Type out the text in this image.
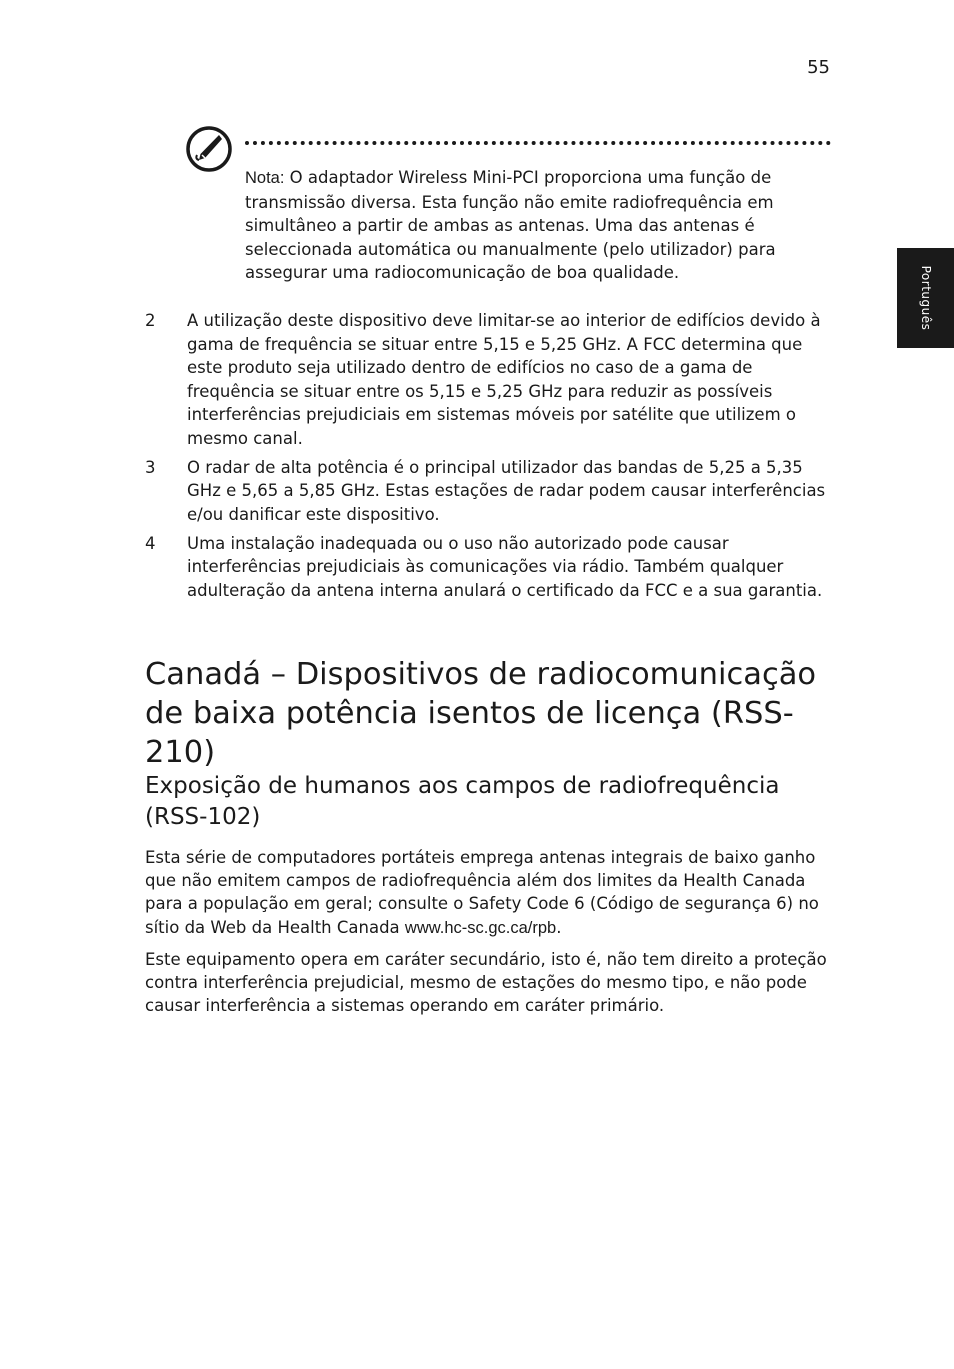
55
Português
Nota: O adaptador Wireless Mini-PCI proporciona uma função de transmissão diversa. Esta função não emite radiofrequência em simultâneo a partir de ambas as antenas. Uma das antenas é seleccionada automática ou manualmente (pelo utilizador) para assegurar uma radiocomunicação de boa qualidade.
2	A utilização deste dispositivo deve limitar-se ao interior de edifícios devido à gama de frequência se situar entre 5,15 e 5,25 GHz. A FCC determina que este produto seja utilizado dentro de edifícios no caso de a gama de frequência se situar entre os 5,15 e 5,25 GHz para reduzir as possíveis interferências prejudiciais em sistemas móveis por satélite que utilizem o mesmo canal.
3	O radar de alta potência é o principal utilizador das bandas de 5,25 a 5,35 GHz e 5,65 a 5,85 GHz. Estas estações de radar podem causar interferências e/ou danificar este dispositivo.
4	Uma instalação inadequada ou o uso não autorizado pode causar interferências prejudiciais às comunicações via rádio. Também qualquer adulteração da antena interna anulará o certificado da FCC e a sua garantia.
Canadá – Dispositivos de radiocomunicação de baixa potência isentos de licença (RSS-210)
Exposição de humanos aos campos de radiofrequência (RSS-102)

Esta série de computadores portáteis emprega antenas integrais de baixo ganho que não emitem campos de radiofrequência além dos limites da Health Canada para a população em geral; consulte o Safety Code 6 (Código de segurança 6) no sítio da Web da Health Canada www.hc-sc.gc.ca/rpb.

Este equipamento opera em caráter secundário, isto é, não tem direito a proteção contra interferência prejudicial, mesmo de estações do mesmo tipo, e não pode causar interferência a sistemas operando em caráter primário.
